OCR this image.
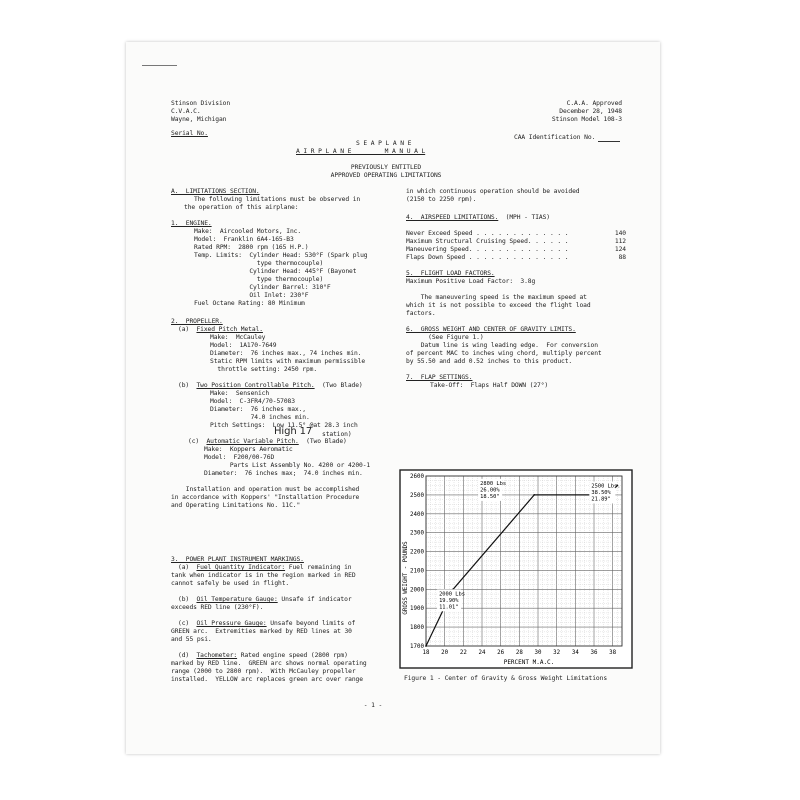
Stinson Division
C.V.A.C.
Wayne, Michigan
C.A.A. Approved
December 28, 1948
Stinson Model 108-3
Serial No.
CAA Identification No.
S E A P L A N E
A I R P L A N E         M A N U A L
PREVIOUSLY ENTITLED
APPROVED OPERATING LIMITATIONS
A.  LIMITATIONS SECTION.
The following limitations must be observed in
the operation of this airplane:
1.  ENGINE.
Make:  Aircooled Motors, Inc.
Model:  Franklin 6A4-165-B3
Rated RPM:  2800 rpm (165 H.P.)
Temp. Limits:  Cylinder Head: 530°F (Spark plug
type thermocouple)
Cylinder Head: 445°F (Bayonet
type thermocouple)
Cylinder Barrel: 310°F
Oil Inlet: 230°F
Fuel Octane Rating: 80 Minimum
2.  PROPELLER.
(a) Fixed Pitch Metal.
Make:  McCauley
Model:  1A170-7649
Diameter:  76 inches max., 74 inches min.
Static RPM limits with maximum permissible
throttle setting: 2450 rpm.
(b) Two Position Controllable Pitch. (Two Blade)
Make:  Sensenich
Model:  C-3FR4/70-57083
Diameter:  76 inches max.,
74.0 inches min.
Pitch Settings:  Low 11.5° @at 28.3 inch
High 17 station)
(c) Automatic Variable Pitch. (Two Blade)
Make:  Koppers Aeromatic
Model:  F200/00-76D
Parts List Assembly No. 4200 or 4200-1
Diameter:  76 inches max;  74.0 inches min.
Installation and operation must be accomplished
in accordance with Koppers' "Installation Procedure
and Operating Limitations No. 11C."
3.  POWER PLANT INSTRUMENT MARKINGS.
(a) Fuel Quantity Indicator: Fuel remaining in
tank when indicator is in the region marked in RED
cannot safely be used in flight.
(b) Oil Temperature Gauge: Unsafe if indicator
exceeds RED line (230°F).
(c) Oil Pressure Gauge: Unsafe beyond limits of
GREEN arc.  Extremities marked by RED lines at 30
and 55 psi.
(d) Tachometer: Rated engine speed (2800 rpm)
marked by RED line.  GREEN arc shows normal operating
range (2000 to 2800 rpm).  With McCauley propeller
installed.  YELLOW arc replaces green arc over range
in which continuous operation should be avoided
(2150 to 2250 rpm).
4.  AIRSPEED LIMITATIONS. (MPH - TIAS)
Never Exceed Speed . . . . . . . . . . . . .	140
Maximum Structural Cruising Speed. . . . . .	112
Maneuvering Speed. . . . . . . . . . . . . .	124
Flaps Down Speed . . . . . . . . . . . . . .	88
5.  FLIGHT LOAD FACTORS.
Maximum Positive Load Factor:  3.8g
The maneuvering speed is the maximum speed at
which it is not possible to exceed the flight load
factors.
6.  GROSS WEIGHT AND CENTER OF GRAVITY LIMITS.
(See Figure 1.)
Datum line is wing leading edge.  For conversion
of percent MAC to inches wing chord, multiply percent
by 55.50 and add 0.52 inches to this product.
7.  FLAP SETTINGS.
Take-Off:  Flaps Half DOWN (27°)
1700
1800
1900
2000
2100
2200
2300
2400
2500
2600
18 20 22 24 26 28 30 32 34 36 38
GROSS WEIGHT - POUNDS
PERCENT M.A.C.
2800 Lbs
26.00%
18.50"
2500 Lbs.
38.50%
21.89"
2000 Lbs
19.90%
11.01"
Figure 1 - Center of Gravity & Gross Weight Limitations
- 1 -
